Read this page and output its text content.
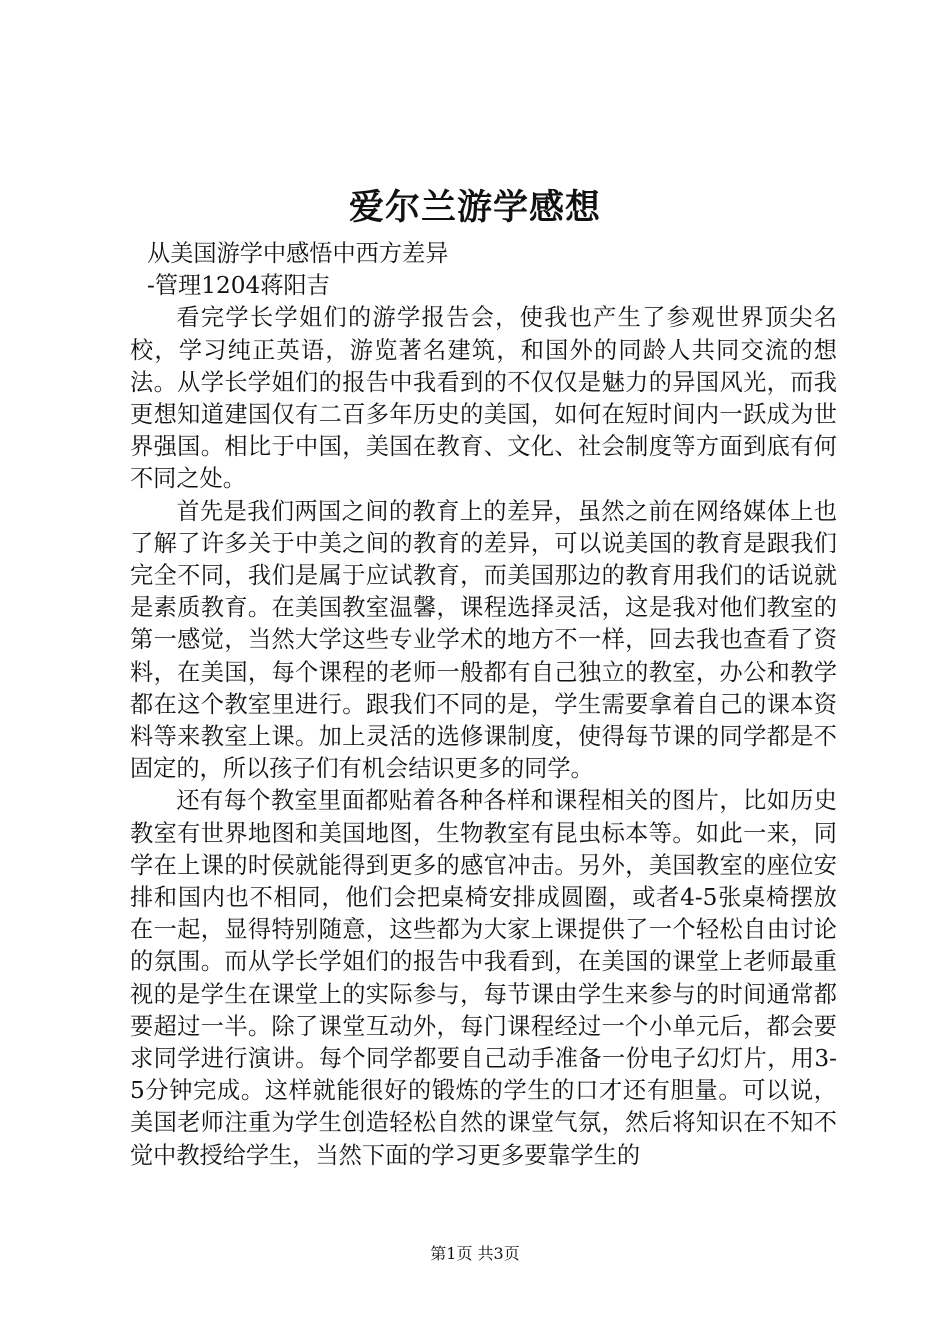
爱尔兰游学感想

从美国游学中感悟中西方差异

-管理1204蒋阳吉

看完学长学姐们的游学报告会，使我也产生了参观世界顶尖名校，学习纯正英语，游览著名建筑，和国外的同龄人共同交流的想法。从学长学姐们的报告中我看到的不仅仅是魅力的异国风光，而我更想知道建国仅有二百多年历史的美国，如何在短时间内一跃成为世界强国。相比于中国，美国在教育、文化、社会制度等方面到底有何不同之处。

首先是我们两国之间的教育上的差异，虽然之前在网络媒体上也了解了许多关于中美之间的教育的差异，可以说美国的教育是跟我们完全不同，我们是属于应试教育，而美国那边的教育用我们的话说就是素质教育。在美国教室温馨，课程选择灵活，这是我对他们教室的第一感觉，当然大学这些专业学术的地方不一样，回去我也查看了资料，在美国，每个课程的老师一般都有自己独立的教室，办公和教学都在这个教室里进行。跟我们不同的是，学生需要拿着自己的课本资料等来教室上课。加上灵活的选修课制度，使得每节课的同学都是不固定的，所以孩子们有机会结识更多的同学。

还有每个教室里面都贴着各种各样和课程相关的图片，比如历史教室有世界地图和美国地图，生物教室有昆虫标本等。如此一来，同学在上课的时侯就能得到更多的感官冲击。另外，美国教室的座位安排和国内也不相同，他们会把桌椅安排成圆圈，或者4-5张桌椅摆放在一起，显得特别随意，这些都为大家上课提供了一个轻松自由讨论的氛围。而从学长学姐们的报告中我看到，在美国的课堂上老师最重视的是学生在课堂上的实际参与，每节课由学生来参与的时间通常都要超过一半。除了课堂互动外，每门课程经过一个小单元后，都会要求同学进行演讲。每个同学都要自己动手准备一份电子幻灯片，用3-5分钟完成。这样就能很好的锻炼的学生的口才还有胆量。可以说，美国老师注重为学生创造轻松自然的课堂气氛，然后将知识在不知不觉中教授给学生，当然下面的学习更多要靠学生的

第1页 共3页
